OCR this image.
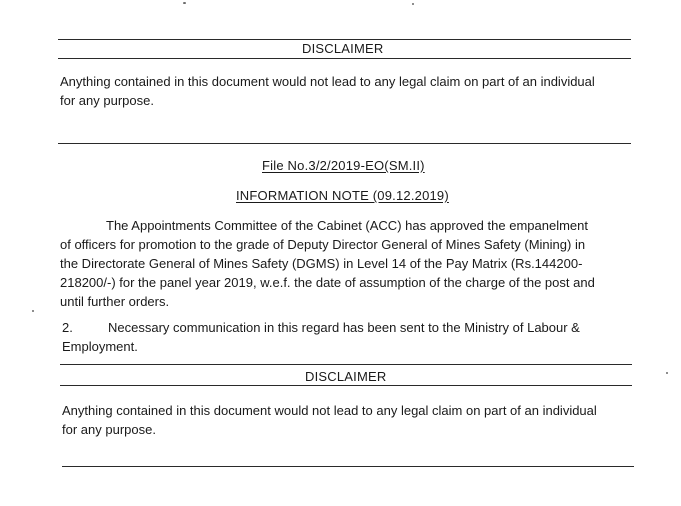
DISCLAIMER
Anything contained in this document would not lead to any legal claim on part of an individual
for any purpose.
File No.3/2/2019-EO(SM.II)
INFORMATION NOTE (09.12.2019)
The Appointments Committee of the Cabinet (ACC) has approved the empanelment
of officers for promotion to the grade of Deputy Director General of Mines Safety (Mining) in
the Directorate General of Mines Safety (DGMS) in Level 14 of the Pay Matrix (Rs.144200-
218200/-) for the panel year 2019, w.e.f. the date of assumption of the charge of the post and
until further orders.
2.	Necessary communication in this regard has been sent to the Ministry of Labour &
Employment.
DISCLAIMER
Anything contained in this document would not lead to any legal claim on part of an individual
for any purpose.
